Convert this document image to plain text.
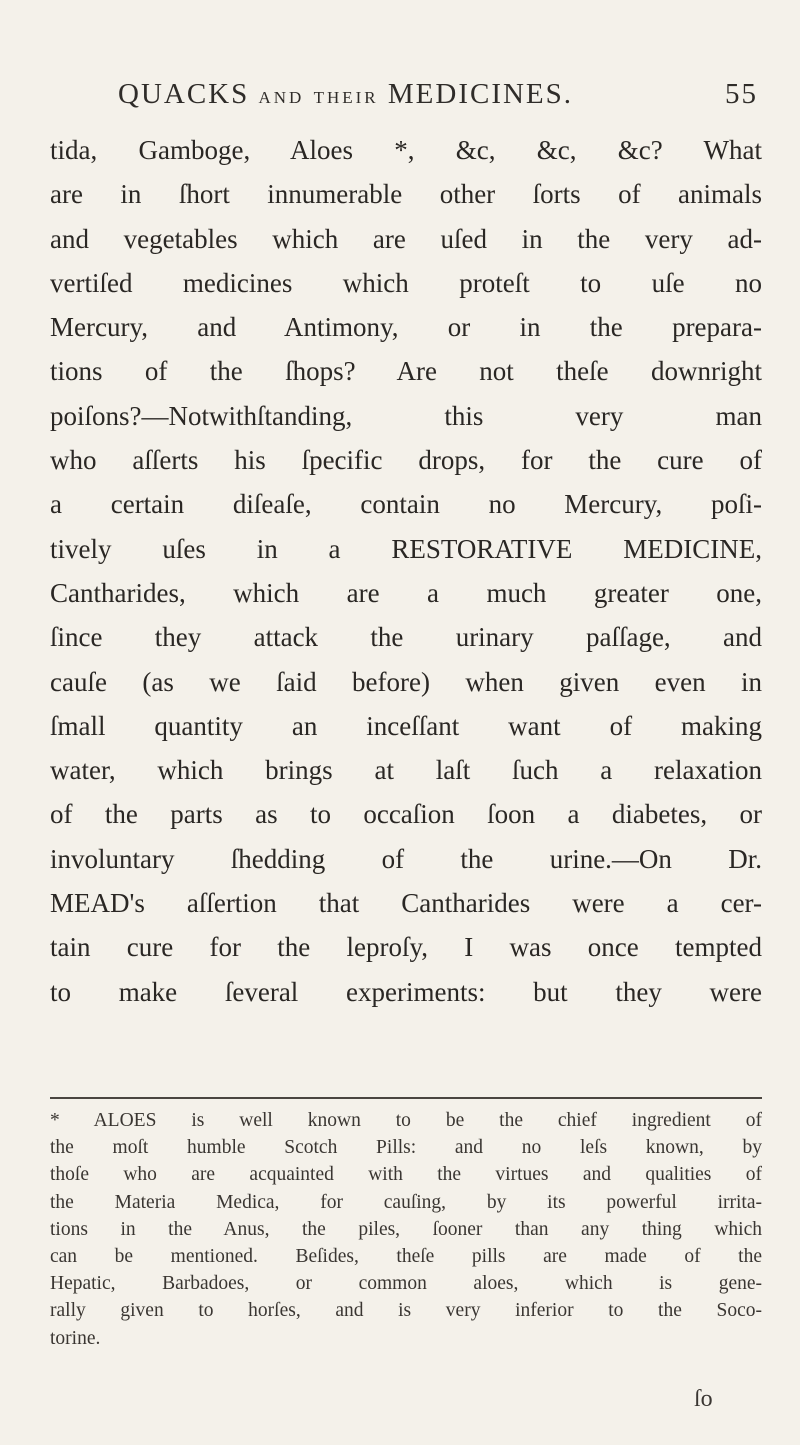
QUACKS AND THEIR MEDICINES.	55
tida, Gamboge, Aloes *, &c, &c, &c? What
are in ſhort innumerable other ſorts of animals
and vegetables which are uſed in the very ad-
vertiſed medicines which proteſt to uſe no
Mercury, and Antimony, or in the prepara-
tions of the ſhops? Are not theſe downright
poiſons?—Notwithſtanding, this very man
who aſſerts his ſpecific drops, for the cure of
a certain diſeaſe, contain no Mercury, poſi-
tively uſes in a RESTORATIVE MEDICINE,
Cantharides, which are a much greater one,
ſince they attack the urinary paſſage, and
cauſe (as we ſaid before) when given even in
ſmall quantity an inceſſant want of making
water, which brings at laſt ſuch a relaxation
of the parts as to occaſion ſoon a diabetes, or
involuntary ſhedding of the urine.—On Dr.
MEAD's aſſertion that Cantharides were a cer-
tain cure for the leproſy, I was once tempted
to make ſeveral experiments: but they were
* ALOES is well known to be the chief ingredient of
the moſt humble Scotch Pills: and no leſs known, by
thoſe who are acquainted with the virtues and qualities of
the Materia Medica, for cauſing, by its powerful irrita-
tions in the Anus, the piles, ſooner than any thing which
can be mentioned. Beſides, theſe pills are made of the
Hepatic, Barbadoes, or common aloes, which is gene-
rally given to horſes, and is very inferior to the Soco-
torine.
ſo
